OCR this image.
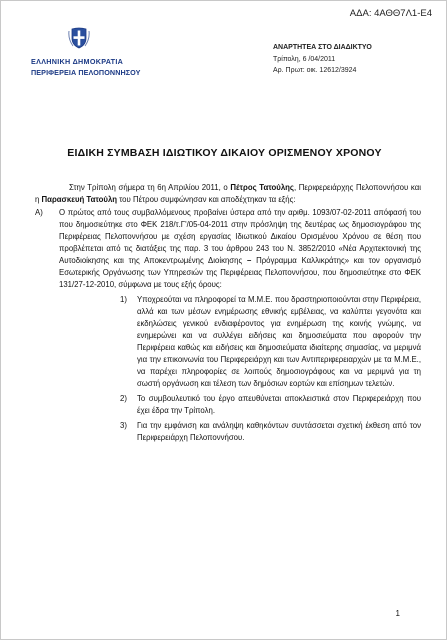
ΑΔΑ: 4ΑΘΘ7Λ1-Ε4
ΕΛΛΗΝΙΚΗ ΔΗΜΟΚΡΑΤΙΑ
ΠΕΡΙΦΕΡΕΙΑ ΠΕΛΟΠΟΝΝΗΣΟΥ
ΑΝΑΡΤΗΤΕΑ ΣΤΟ ΔΙΑΔΙΚΤΥΟ
Τρίπολη, 6 /04/2011
Αρ. Πρωτ: οικ. 12612/3924
ΕΙΔΙΚΗ ΣΥΜΒΑΣΗ ΙΔΙΩΤΙΚΟΥ ΔΙΚΑΙΟΥ ΟΡΙΣΜΕΝΟΥ ΧΡΟΝΟΥ
Στην Τρίπολη σήμερα τη 6η Απριλίου 2011, ο Πέτρος Τατούλης, Περιφερειάρχης Πελοποννήσου και η Παρασκευή Τατούλη του Πέτρου συμφώνησαν και αποδέχτηκαν τα εξής:
Α)	Ο πρώτος από τους συμβαλλόμενους προβαίνει ύστερα από την αριθμ. 1093/07-02-2011 απόφασή του που δημοσιεύτηκε στο ΦΕΚ 218/τ.Γ'/05-04-2011 στην πρόσληψη της δευτέρας ως δημοσιογράφου της Περιφέρειας Πελοποννήσου με σχέση εργασίας Ιδιωτικού Δικαίου Ορισμένου Χρόνου σε θέση που προβλέπεται από τις διατάξεις της παρ. 3 του άρθρου 243 του Ν. 3852/2010 «Νέα Αρχιτεκτονική της Αυτοδιοίκησης και της Αποκεντρωμένης Διοίκησης – Πρόγραμμα Καλλικράτης» και τον οργανισμό Εσωτερικής Οργάνωσης των Υπηρεσιών της Περιφέρειας Πελοποννήσου, που δημοσιεύτηκε στο ΦΕΚ 131/27-12-2010, σύμφωνα με τους εξής όρους:
1)	Υποχρεούται να πληροφορεί τα Μ.Μ.Ε. που δραστηριοποιούνται στην Περιφέρεια, αλλά και των μέσων ενημέρωσης εθνικής εμβέλειας, να καλύπτει γεγονότα και εκδηλώσεις γενικού ενδιαφέροντος για ενημέρωση της κοινής γνώμης, να ενημερώνει και να συλλέγει ειδήσεις και δημοσιεύματα που αφορούν την Περιφέρεια καθώς και ειδήσεις και δημοσιεύματα ιδιαίτερης σημασίας, να μεριμνά για την επικοινωνία του Περιφερειάρχη και των Αντιπεριφερειαρχών με τα Μ.Μ.Ε., να παρέχει πληροφορίες σε λοιπούς δημοσιογράφους και να μεριμνά για τη σωστή οργάνωση και τέλεση των δημόσιων εορτών και επίσημων τελετών.
2)	Το συμβουλευτικό του έργο απευθύνεται αποκλειστικά στον Περιφερειάρχη που έχει έδρα την Τρίπολη.
3)	Για την εμφάνιση και ανάληψη καθηκόντων συντάσσεται σχετική έκθεση από τον Περιφερειάρχη Πελοποννήσου.
1
